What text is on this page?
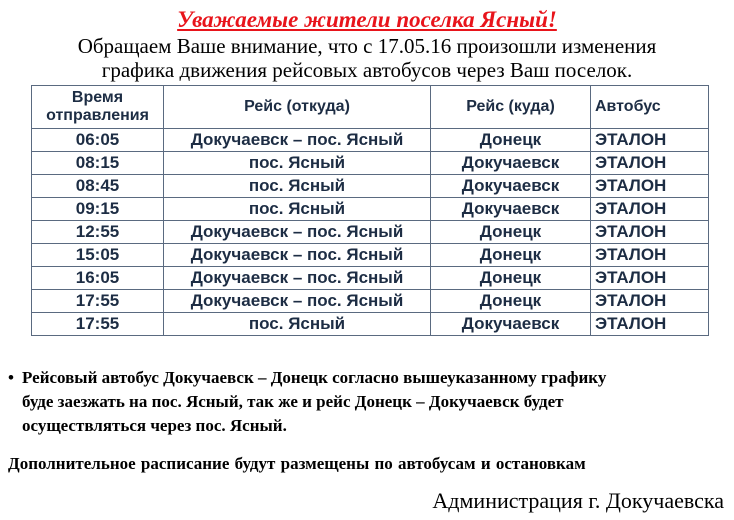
Уважаемые жители поселка Ясный!
Обращаем Ваше внимание, что с 17.05.16 произошли изменения
графика движения рейсовых автобусов через Ваш поселок.
Время
отправления	Рейс (откуда)	Рейс (куда)	Автобус
06:05	Докучаевск – пос. Ясный	Донецк	ЭТАЛОН
08:15	пос. Ясный	Докучаевск	ЭТАЛОН
08:45	пос. Ясный	Докучаевск	ЭТАЛОН
09:15	пос. Ясный	Докучаевск	ЭТАЛОН
12:55	Докучаевск – пос. Ясный	Донецк	ЭТАЛОН
15:05	Докучаевск – пос. Ясный	Донецк	ЭТАЛОН
16:05	Докучаевск – пос. Ясный	Донецк	ЭТАЛОН
17:55	Докучаевск – пос. Ясный	Донецк	ЭТАЛОН
17:55	пос. Ясный	Докучаевск	ЭТАЛОН
• Рейсовый автобус Докучаевск – Донецк согласно вышеуказанному графику
буде заезжать на пос. Ясный, так же и рейс Донецк – Докучаевск будет
осуществляться через пос. Ясный.
Дополнительное расписание будут размещены по автобусам и остановкам
Администрация г. Докучаевска
